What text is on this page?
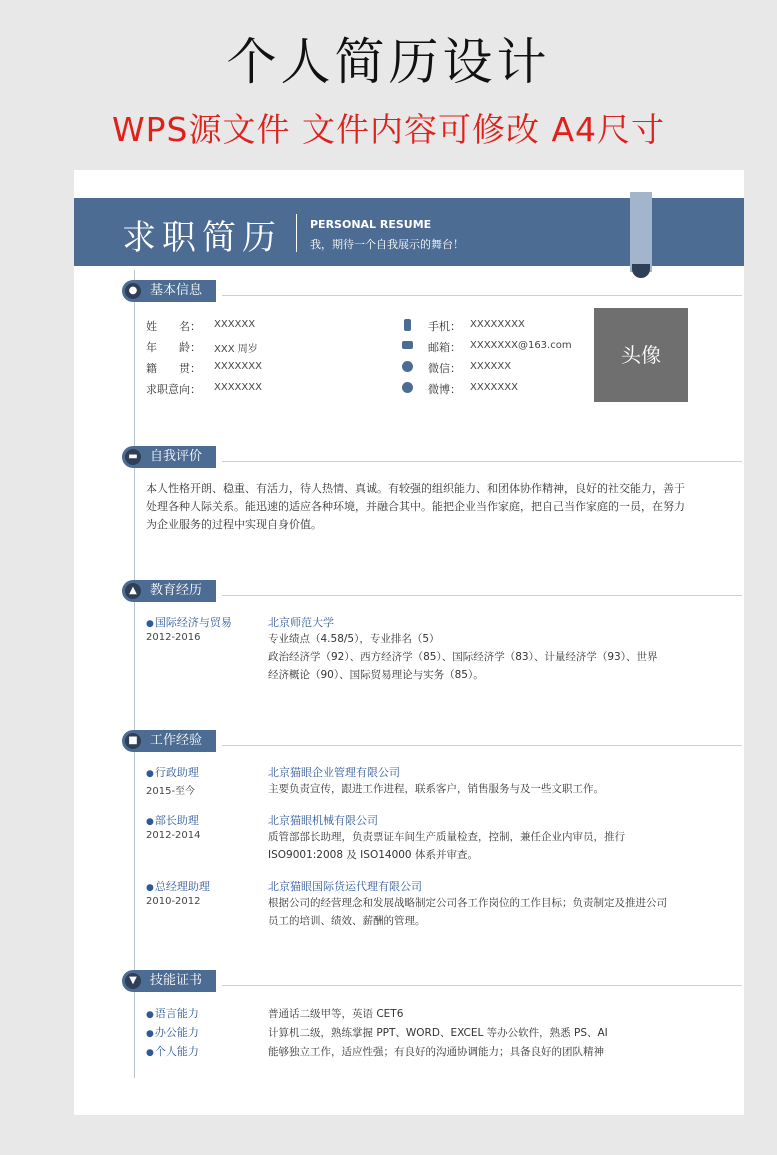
个人简历设计
WPS源文件 文件内容可修改 A4尺寸
求职简历	PERSONAL RESUME
我，期待一个自我展示的舞台！
● 基本信息
姓　　名： XXXXXX
年　　龄： XXX 周岁
籍　　贯： XXXXXXX
求职意向： XXXXXXX
手机： XXXXXXXX
邮箱： XXXXXXX@163.com
微信： XXXXXX
微博： XXXXXXX
头像
▬ 自我评价
本人性格开朗、稳重、有活力，待人热情、真诚。有较强的组织能力、和团体协作精神，良好的社交能力，善于
处理各种人际关系。能迅速的适应各种环境，并融合其中。能把企业当作家庭，把自己当作家庭的一员，在努力
为企业服务的过程中实现自身价值。
▲	教育经历
● 国际经济与贸易
2012-2016
北京师范大学
专业绩点（4.58/5），专业排名（5）
政治经济学（92）、西方经济学（85）、国际经济学（83）、计量经济学（93）、世界
经济概论（90）、国际贸易理论与实务（85）。
■ 工作经验
● 行政助理
2015-至今
北京猫眼企业管理有限公司
主要负责宣传，跟进工作进程，联系客户，销售服务与及一些文职工作。
● 部长助理
2012-2014
北京猫眼机械有限公司
质管部部长助理，负责票证车间生产质量检查，控制，兼任企业内审员，推行
ISO9001:2008 及 ISO14000 体系并审查。
● 总经理助理
2010-2012
北京猫眼国际货运代理有限公司
根据公司的经营理念和发展战略制定公司各工作岗位的工作目标；负责制定及推进公司
员工的培训、绩效、薪酬的管理。
▼	技能证书
● 语言能力	普通话二级甲等，英语 CET6
● 办公能力	计算机二级，熟练掌握 PPT、WORD、EXCEL 等办公软件，熟悉 PS、AI
● 个人能力	能够独立工作，适应性强；有良好的沟通协调能力；具备良好的团队精神
